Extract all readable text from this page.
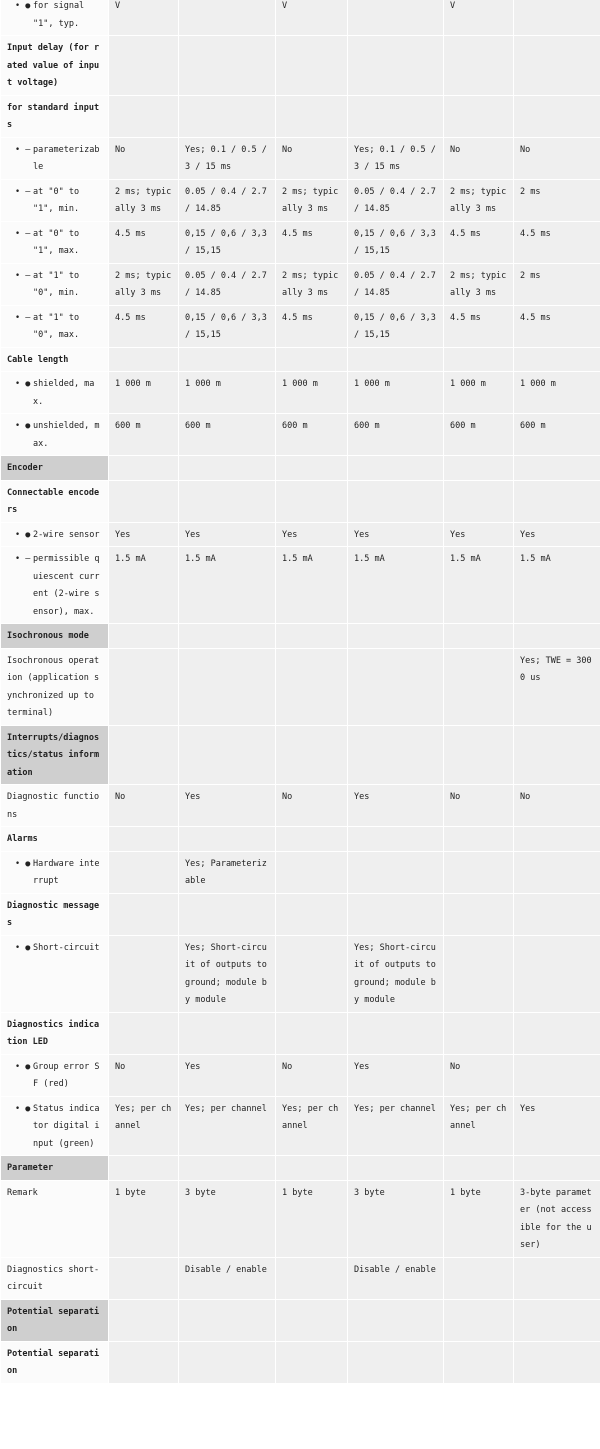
• ● for signal "1", typ.	V		V		V	
Input delay (for rated value of input voltage)						
for standard inputs						

• — parameterizable	No	Yes; 0.1 / 0.5 / 3 / 15 ms	No	Yes; 0.1 / 0.5 / 3 / 15 ms	No	No

• — at "0" to "1", min.	2 ms; typically 3 ms	0.05 / 0.4 / 2.7 / 14.85	2 ms; typically 3 ms	0.05 / 0.4 / 2.7 / 14.85	2 ms; typically 3 ms	2 ms

• — at "0" to "1", max.	4.5 ms	0,15 / 0,6 / 3,3 / 15,15	4.5 ms	0,15 / 0,6 / 3,3 / 15,15	4.5 ms	4.5 ms

• — at "1" to "0", min.	2 ms; typically 3 ms	0.05 / 0.4 / 2.7 / 14.85	2 ms; typically 3 ms	0.05 / 0.4 / 2.7 / 14.85	2 ms; typically 3 ms	2 ms

• — at "1" to "0", max.	4.5 ms	0,15 / 0,6 / 3,3 / 15,15	4.5 ms	0,15 / 0,6 / 3,3 / 15,15	4.5 ms	4.5 ms
Cable length						

• ● shielded, max.	1 000 m	1 000 m	1 000 m	1 000 m	1 000 m	1 000 m

• ● unshielded, max.	600 m	600 m	600 m	600 m	600 m	600 m
Encoder						
Connectable encoders						

• ● 2-wire sensor	Yes	Yes	Yes	Yes	Yes	Yes

• — permissible quiescent current (2-wire sensor), max.	1.5 mA	1.5 mA	1.5 mA	1.5 mA	1.5 mA	1.5 mA
Isochronous mode						
Isochronous operation (application synchronized up to terminal)						Yes; TWE = 3000 us
Interrupts/diagnostics/status information						
Diagnostic functions	No	Yes	No	Yes	No	No
Alarms						

• ● Hardware interrupt		Yes; Parameterizable				
Diagnostic messages						

• ● Short-circuit		Yes; Short-circuit of outputs to ground; module by module		Yes; Short-circuit of outputs to ground; module by module		
Diagnostics indication LED						

• ● Group error SF (red)	No	Yes	No	Yes	No	

• ● Status indicator digital input (green)	Yes; per channel	Yes; per channel	Yes; per channel	Yes; per channel	Yes; per channel	Yes
Parameter						
Remark	1 byte	3 byte	1 byte	3 byte	1 byte	3-byte parameter (not accessible for the user)
Diagnostics short-circuit		Disable / enable		Disable / enable		
Potential separation						
Potential separation						
